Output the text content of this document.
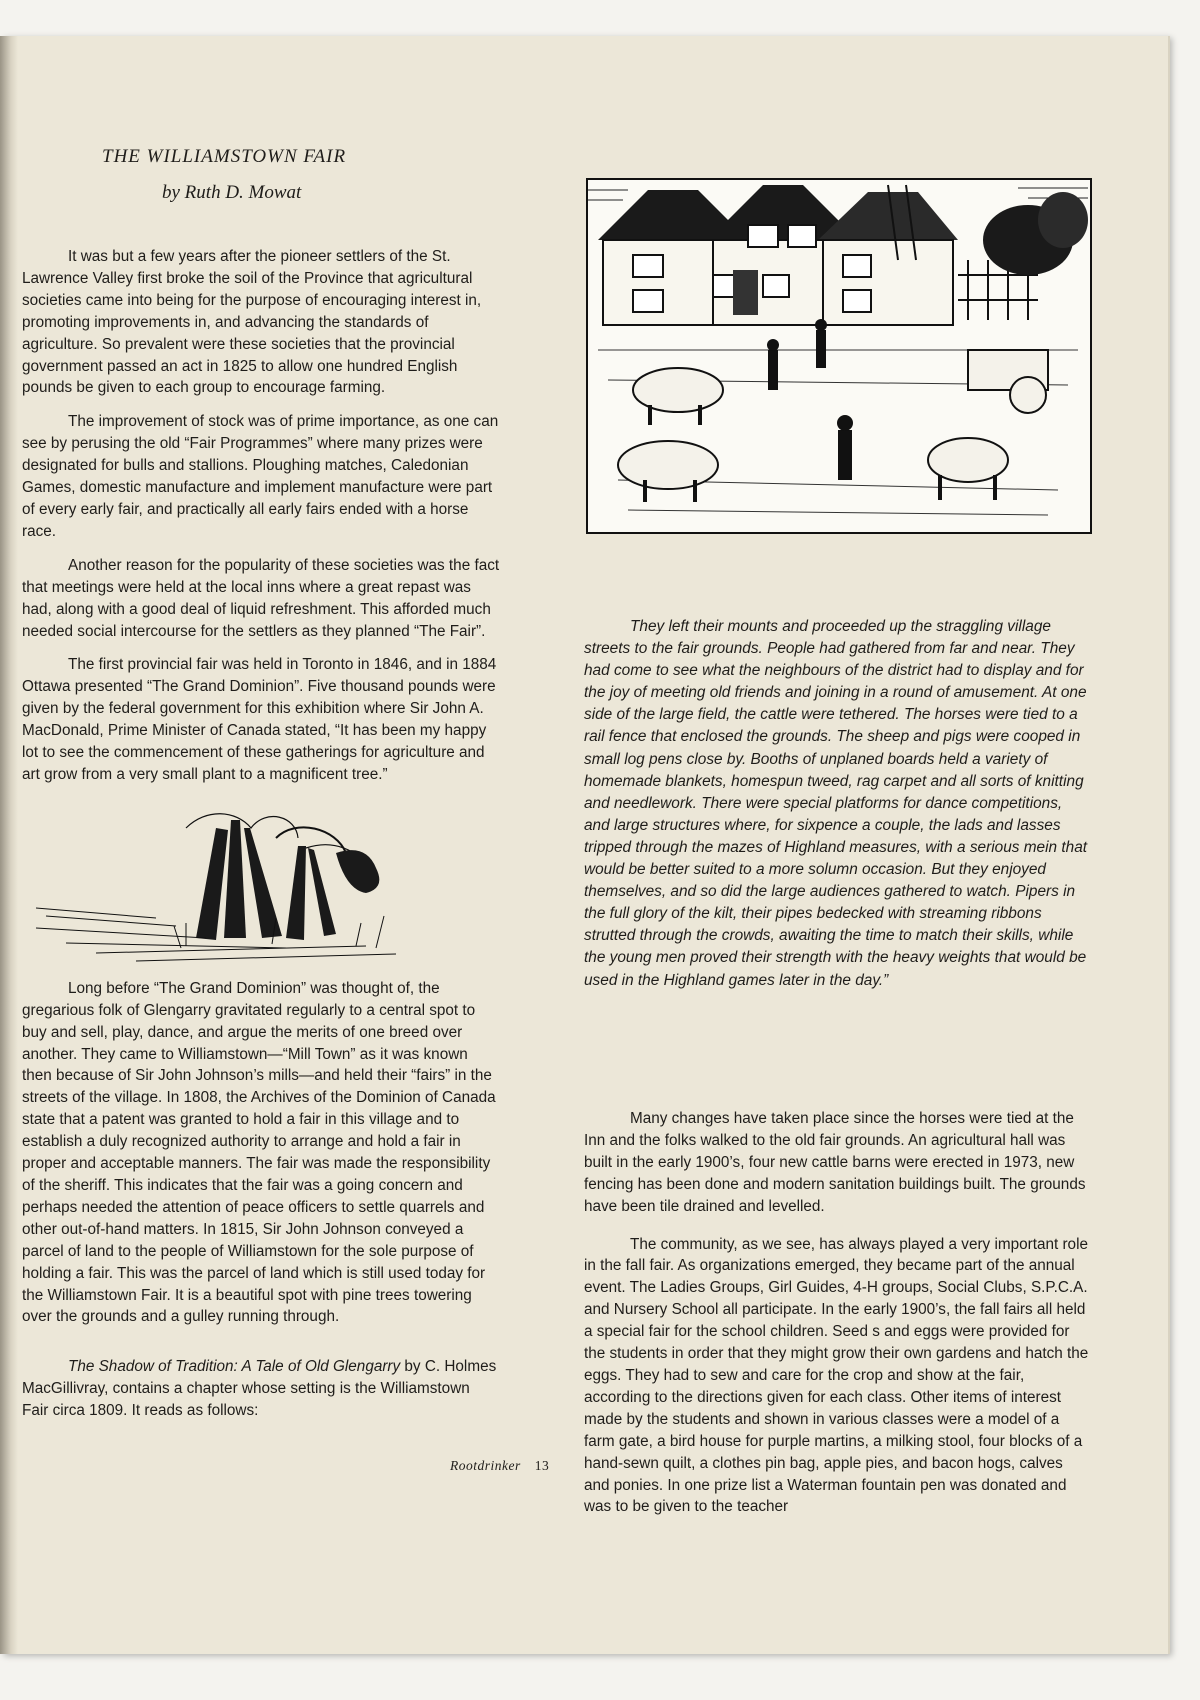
THE WILLIAMSTOWN FAIR
by Ruth D. Mowat

It was but a few years after the pioneer settlers of the St. Lawrence Valley first broke the soil of the Province that agricultural societies came into being for the purpose of encouraging interest in, promoting improvements in, and advancing the standards of agriculture. So prevalent were these societies that the provincial government passed an act in 1825 to allow one hundred English pounds be given to each group to encourage farming.

The improvement of stock was of prime importance, as one can see by perusing the old “Fair Programmes” where many prizes were designated for bulls and stallions. Ploughing matches, Caledonian Games, domestic manufacture and implement manufacture were part of every early fair, and practically all early fairs ended with a horse race.

Another reason for the popularity of these societies was the fact that meetings were held at the local inns where a great repast was had, along with a good deal of liquid refreshment. This afforded much needed social intercourse for the settlers as they planned “The Fair”.

The first provincial fair was held in Toronto in 1846, and in 1884 Ottawa presented “The Grand Dominion”. Five thousand pounds were given by the federal government for this exhibition where Sir John A. MacDonald, Prime Minister of Canada stated, “It has been my happy lot to see the commencement of these gatherings for agriculture and art grow from a very small plant to a magnificent tree.”

Long before “The Grand Dominion” was thought of, the gregarious folk of Glengarry gravitated regularly to a central spot to buy and sell, play, dance, and argue the merits of one breed over another. They came to Williamstown—“Mill Town” as it was known then because of Sir John Johnson’s mills—and held their “fairs” in the streets of the village. In 1808, the Archives of the Dominion of Canada state that a patent was granted to hold a fair in this village and to establish a duly recognized authority to arrange and hold a fair in proper and acceptable manners. The fair was made the responsibility of the sheriff. This indicates that the fair was a going concern and perhaps needed the attention of peace officers to settle quarrels and other out-of-hand matters. In 1815, Sir John Johnson conveyed a parcel of land to the people of Williamstown for the sole purpose of holding a fair. This was the parcel of land which is still used today for the Williamstown Fair. It is a beautiful spot with pine trees towering over the grounds and a gulley running through.

The Shadow of Tradition: A Tale of Old Glengarry by C. Holmes MacGillivray, contains a chapter whose setting is the Williamstown Fair circa 1809. It reads as follows:

They left their mounts and proceeded up the straggling village streets to the fair grounds. People had gathered from far and near. They had come to see what the neighbours of the district had to display and for the joy of meeting old friends and joining in a round of amusement. At one side of the large field, the cattle were tethered. The horses were tied to a rail fence that enclosed the grounds. The sheep and pigs were cooped in small log pens close by. Booths of unplaned boards held a variety of homemade blankets, homespun tweed, rag carpet and all sorts of knitting and needlework. There were special platforms for dance competitions, and large structures where, for sixpence a couple, the lads and lasses tripped through the mazes of Highland measures, with a serious mein that would be better suited to a more solumn occasion. But they enjoyed themselves, and so did the large audiences gathered to watch. Pipers in the full glory of the kilt, their pipes bedecked with streaming ribbons strutted through the crowds, awaiting the time to match their skills, while the young men proved their strength with the heavy weights that would be used in the Highland games later in the day.”

Many changes have taken place since the horses were tied at the Inn and the folks walked to the old fair grounds. An agricultural hall was built in the early 1900’s, four new cattle barns were erected in 1973, new fencing has been done and modern sanitation buildings built. The grounds have been tile drained and levelled.

The community, as we see, has always played a very important role in the fall fair. As organizations emerged, they became part of the annual event. The Ladies Groups, Girl Guides, 4-H groups, Social Clubs, S.P.C.A. and Nursery School all participate. In the early 1900’s, the fall fairs all held a special fair for the school children. Seed s and eggs were provided for the students in order that they might grow their own gardens and hatch the eggs. They had to sew and care for the crop and show at the fair, according to the directions given for each class. Other items of interest made by the students and shown in various classes were a model of a farm gate, a bird house for purple martins, a milking stool, four blocks of a hand-sewn quilt, a clothes pin bag, apple pies, and bacon hogs, calves and ponies. In one prize list a Waterman fountain pen was donated and was to be given to the teacher

Rootdrinker 13
